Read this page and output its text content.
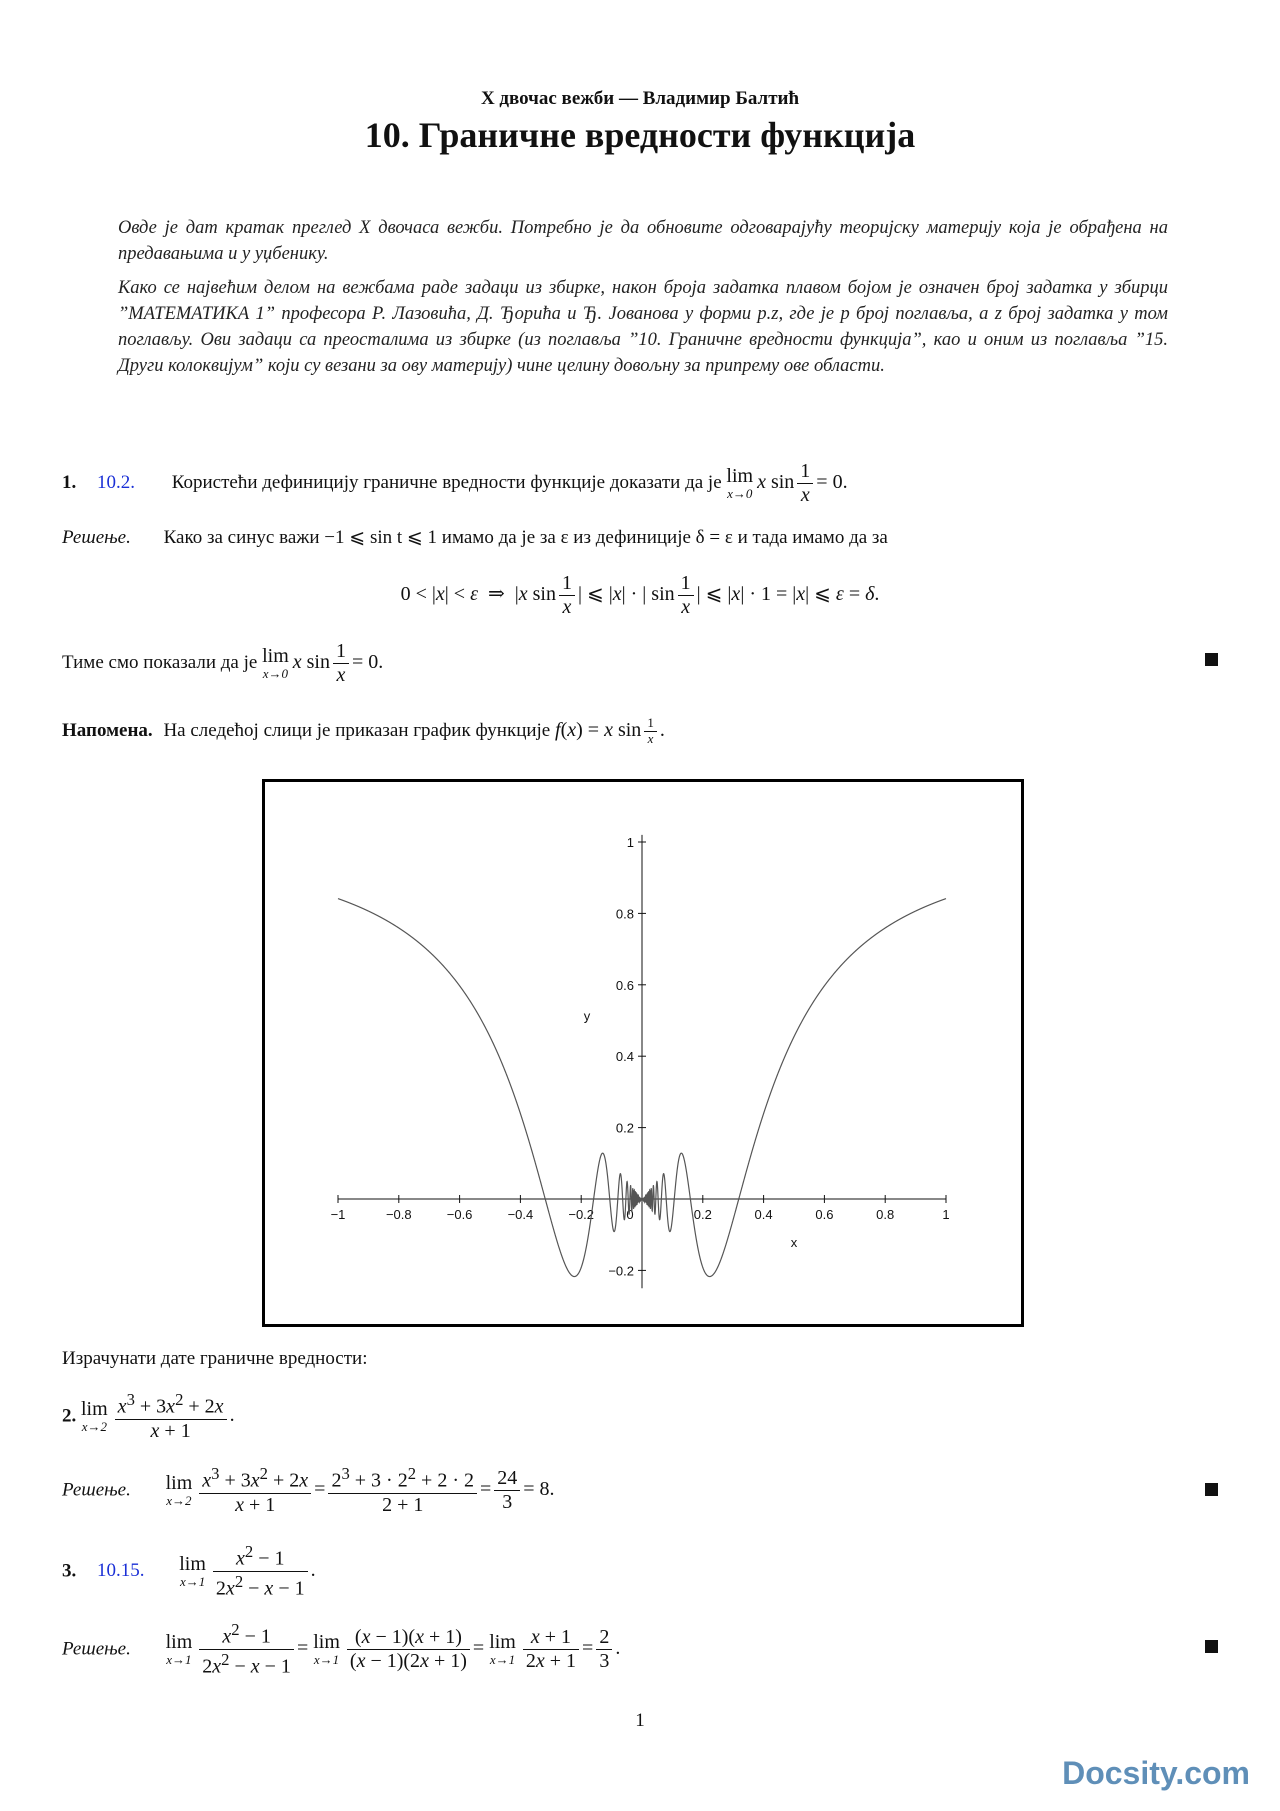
X двочас вежби — Владимир Балтић
10. Граничне вредности функција

Овде је дат кратак преглед X двочаса вежби. Потребно је да обновите одговарајућу теоријску материју која је обрађена на предавањима и у уџбенику.

Како се највећим делом на вежбама раде задаци из збирке, након броја задатка плавом бојом је означен број задатка у збирци ”МАТЕМАТИКА 1” професора Р. Лазовића, Д. Ђорића и Ђ. Јованова у форми p.z, где је p број поглавља, a z број задатка у том поглављу. Ови задаци са преосталима из збирке (из поглавља ”10. Граничне вредности функција”, као и оним из поглавља ”15. Други колоквијум” који су везани за ову материју) чине целину довољну за припрему ове области.

1. 10.2. Користећи дефиницију граничне вредности функције доказати да је lim
x→0
x $\sin \frac{1}{x} = 0$.
Решење. Како за синус важи −1 ⩽ sin t ⩽ 1 имамо да је за ε из дефиниције δ = ε и тада имамо да за
0 < |x| < ε  ⇒  |x $\sin \frac{1}{x}$ | ⩽ |x| · | $\sin \frac{1}{x}$ | ⩽ |x| · 1 = |x| ⩽ ε = δ.
Тиме смо показали да је lim
x→0
x $\sin \frac{1}{x} = 0$.
Напомена. На следећој слици је приказан график функције f(x) = x $\sin \frac{1}{x}$ .
−1	−0.8	−0.6	−0.4	−0.2	0.2	0.4	0.6	0.8	1
−0.2
0.2
0.4
0.6
0.8
1
0
x
y
Израчунати дате граничне вредности:
2. lim
$x\to 2 \frac{x^3 + 3x^2 + 2x}{x + 1}$ .
Решење. lim
$x\to 2 \frac{x^3 + 3x^2 + 2x}{x + 1} = \frac{2^3 + 3 \cdot 2^2 + 2 \cdot 2}{2 + 1} = \frac{24}{3} = 8$.
3. 10.15. lim
$x\to 1 \frac{x^2 - 1}{2x^2 - x - 1}$ .
Решење. lim
$x\to 1 \frac{x^2 - 1}{2x^2 - x - 1} = \lim$
$x\to 1 \frac{(x - 1)(x + 1)}{(x - 1)(2x + 1)} = \lim$
$x\to 1 \frac{x + 1}{2x + 1} = \frac{2}{3}$ .
1
Docsity.com
